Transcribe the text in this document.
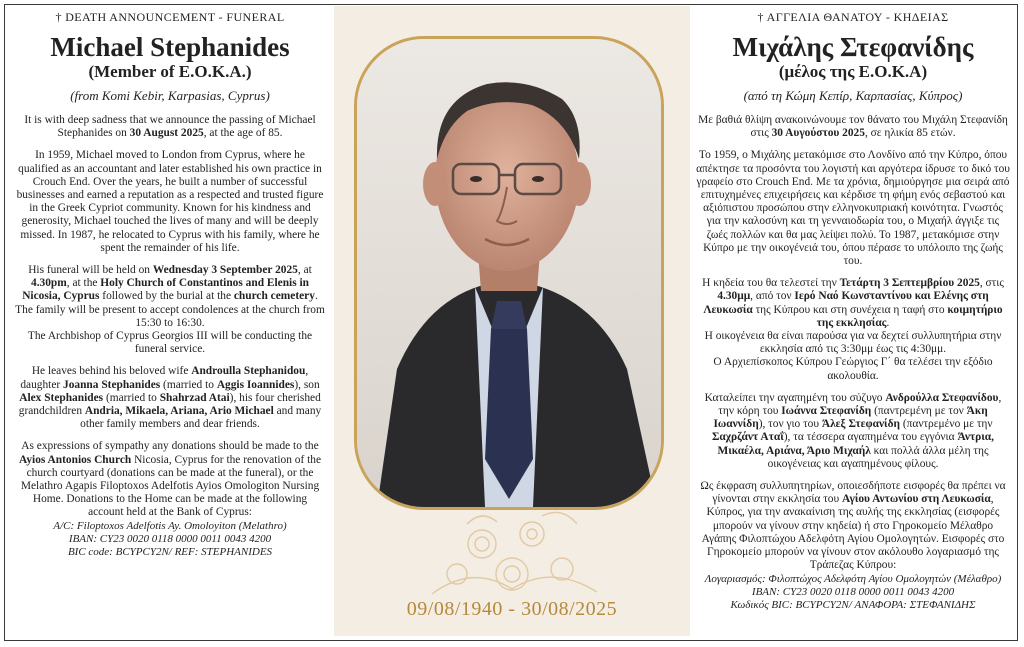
† DEATH ANNOUNCEMENT - FUNERAL
Michael Stephanides
(Member of E.O.K.A.)
(from Komi Kebir, Karpasias, Cyprus)
It is with deep sadness that we announce the passing of Michael Stephanides on 30 August 2025, at the age of 85.
In 1959, Michael moved to London from Cyprus, where he qualified as an accountant and later established his own practice in Crouch End. Over the years, he built a number of successful businesses and earned a reputation as a respected and trusted figure in the Greek Cypriot community. Known for his kindness and generosity, Michael touched the lives of many and will be deeply missed. In 1987, he relocated to Cyprus with his family, where he spent the remainder of his life.
His funeral will be held on Wednesday 3 September 2025, at 4.30pm, at the Holy Church of Constantinos and Elenis in Nicosia, Cyprus followed by the burial at the church cemetery.
The family will be present to accept condolences at the church from 15:30 to 16:30.
The Archbishop of Cyprus Georgios III will be conducting the funeral service.
He leaves behind his beloved wife Androulla Stephanidou, daughter Joanna Stephanides (married to Aggis Ioannides), son Alex Stephanides (married to Shahrzad Atai), his four cherished grandchildren Andria, Mikaela, Ariana, Ario Michael and many other family members and dear friends.
As expressions of sympathy any donations should be made to the Ayios Antonios Church Nicosia, Cyprus for the renovation of the church courtyard (donations can be made at the funeral), or the Melathro Agapis Filoptoxos Adelfotis Ayios Omologiton Nursing Home. Donations to the Home can be made at the following account held at the Bank of Cyprus:
A/C: Filoptoxos Adelfotis Ay. Omoloyiton (Melathro)
IBAN: CY23 0020 0118 0000 0011 0043 4200
BIC code: BCYPCY2N/ REF: STEPHANIDES
09/08/1940 - 30/08/2025
† ΑΓΓΕΛΙΑ ΘΑΝΑΤΟΥ - ΚΗΔΕΙΑΣ
Μιχάλης Στεφανίδης
(μέλος της Ε.Ο.Κ.Α)
(από τη Κώμη Κεπίρ, Καρπασίας, Κύπρος)
Με βαθιά θλίψη ανακοινώνουμε τον θάνατο του Μιχάλη Στεφανίδη στις 30 Αυγούστου 2025, σε ηλικία 85 ετών.
Το 1959, ο Μιχάλης μετακόμισε στο Λονδίνο από την Κύπρο, όπου απέκτησε τα προσόντα του λογιστή και αργότερα ίδρυσε το δικό του γραφείο στο Crouch End. Με τα χρόνια, δημιούργησε μια σειρά από επιτυχημένες επιχειρήσεις και κέρδισε τη φήμη ενός σεβαστού και αξιόπιστου προσώπου στην ελληνοκυπριακή κοινότητα. Γνωστός για την καλοσύνη και τη γενναιοδωρία του, ο Μιχαήλ άγγιξε τις ζωές πολλών και θα μας λείψει πολύ. Το 1987, μετακόμισε στην Κύπρο με την οικογένειά του, όπου πέρασε το υπόλοιπο της ζωής του.
Η κηδεία του θα τελεστεί την Τετάρτη 3 Σεπτεμβρίου 2025, στις 4.30μμ, από τον Ιερό Ναό Κωνσταντίνου και Ελένης στη Λευκωσία της Κύπρου και στη συνέχεια η ταφή στο κοιμητήριο της εκκλησίας.
Η οικογένεια θα είναι παρούσα για να δεχτεί συλλυπητήρια στην εκκλησία από τις 3:30μμ έως τις 4:30μμ.
Ο Αρχιεπίσκοπος Κύπρου Γεώργιος Γ΄ θα τελέσει την εξόδιο ακολουθία.
Καταλείπει την αγαπημένη του σύζυγο Ανδρούλλα Στεφανίδου, την κόρη του Ιωάννα Στεφανίδη (παντρεμένη με τον Άκη Ιωαννίδη), τον γιο του Άλεξ Στεφανίδη (παντρεμένο με την Σαχρζάντ Αταΐ), τα τέσσερα αγαπημένα του εγγόνια Άντρια, Μικαέλα, Αριάνα, Άριο Μιχαήλ και πολλά άλλα μέλη της οικογένειας και αγαπημένους φίλους.
Ως έκφραση συλλυπητηρίων, οποιεσδήποτε εισφορές θα πρέπει να γίνονται στην εκκλησία του Αγίου Αντωνίου στη Λευκωσία, Κύπρος, για την ανακαίνιση της αυλής της εκκλησίας (εισφορές μπορούν να γίνουν στην κηδεία) ή στο Γηροκομείο Μέλαθρο Αγάπης Φιλοπτώχου Αδελφότη Αγίου Ομολογητών. Εισφορές στο Γηροκομείο μπορούν να γίνουν στον ακόλουθο λογαριασμό της Τράπεζας Κύπρου:
Λογαριασμός: Φιλοπτώχος Αδελφότη Αγίου Ομολογητών (Μέλαθρο)
IBAN: CY23 0020 0118 0000 0011 0043 4200
Κωδικός BIC: BCYPCY2N/ ΑΝΑΦΟΡΑ: ΣΤΕΦΑΝΙΔΗΣ
